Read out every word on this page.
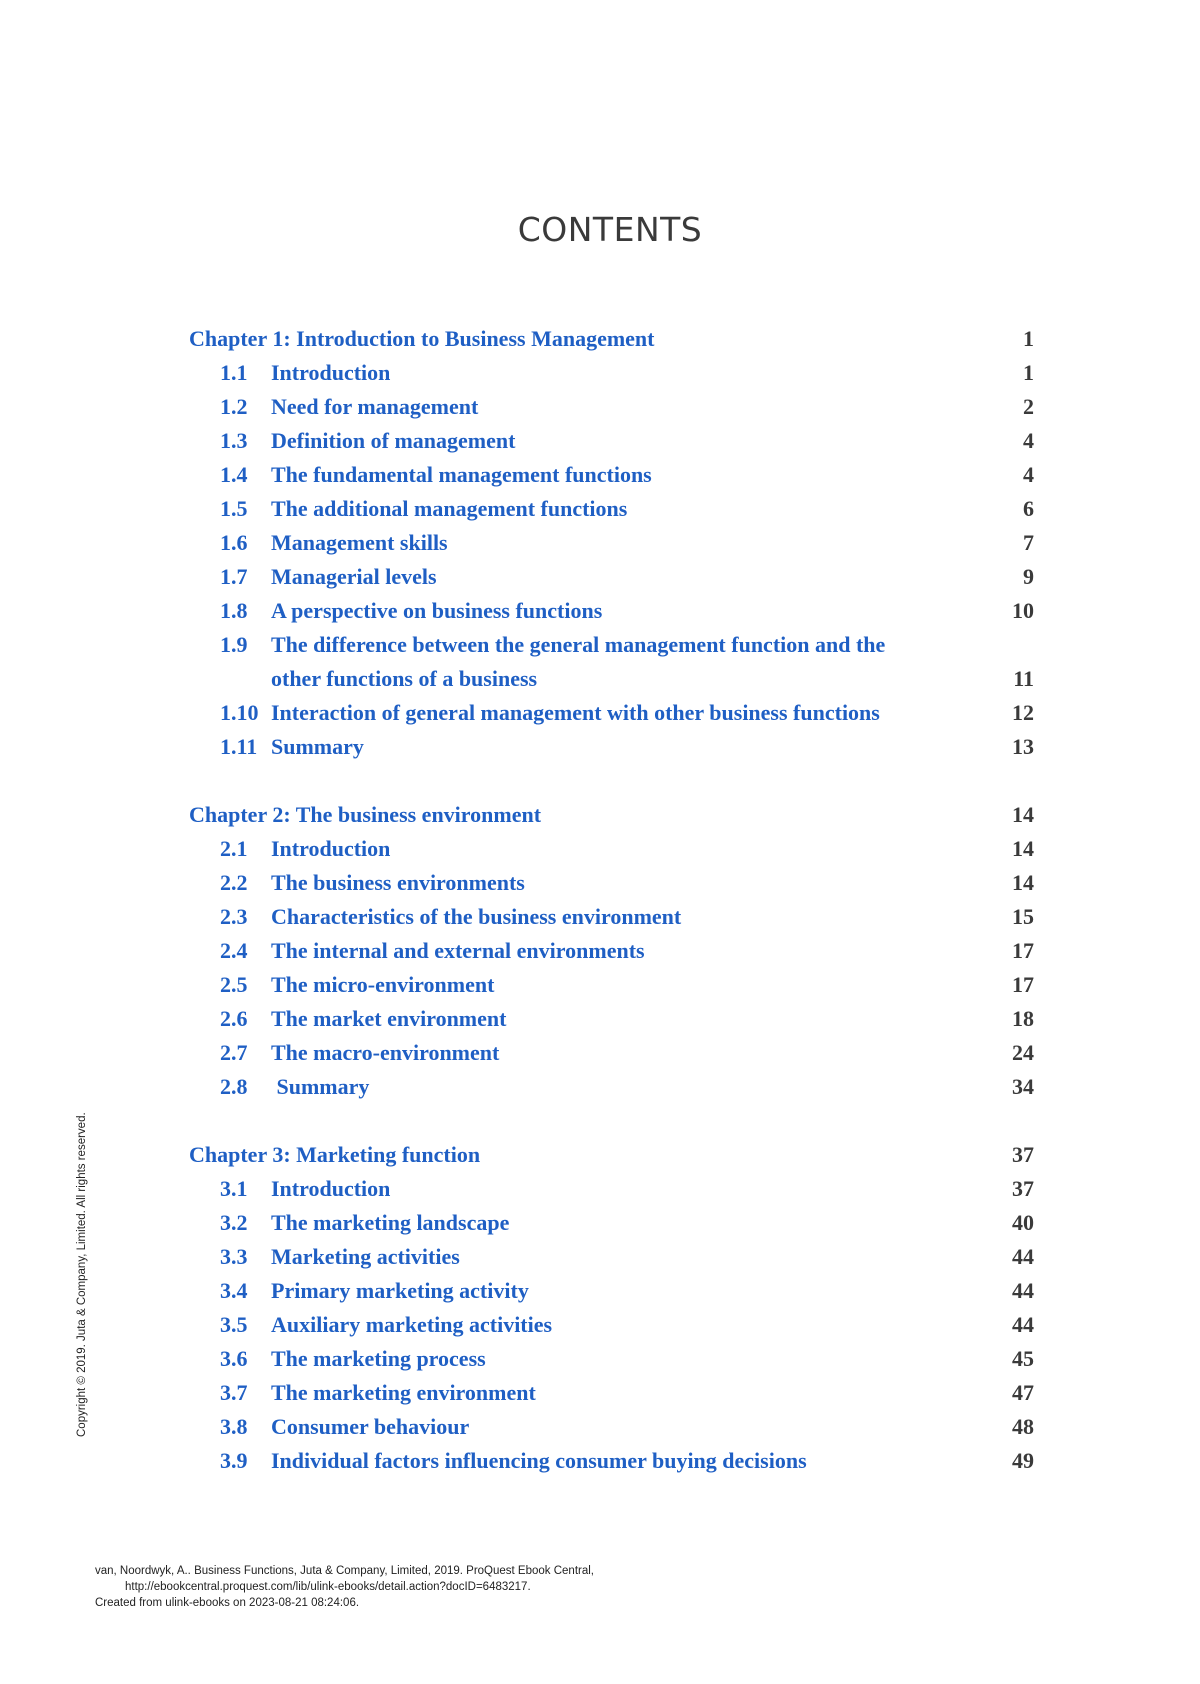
CONTENTS
Chapter 1: Introduction to Business Management	1
1.1	Introduction	1
1.2	Need for management	2
1.3	Definition of management	4
1.4	The fundamental management functions	4
1.5	The additional management functions	6
1.6	Management skills	7
1.7	Managerial levels	9
1.8	A perspective on business functions	10
1.9	The difference between the general management function and the other functions of a business	11
1.10 Interaction of general management with other business functions	12
1.11 Summary	13
Chapter 2: The business environment	14
2.1	Introduction	14
2.2	The business environments	14
2.3	Characteristics of the business environment	15
2.4	The internal and external environments	17
2.5	The micro-environment	17
2.6	The market environment	18
2.7	The macro-environment	24
2.8	Summary	34
Chapter 3: Marketing function	37
3.1	Introduction	37
3.2	The marketing landscape	40
3.3	Marketing activities	44
3.4	Primary marketing activity	44
3.5	Auxiliary marketing activities	44
3.6	The marketing process	45
3.7	The marketing environment	47
3.8	Consumer behaviour	48
3.9	Individual factors influencing consumer buying decisions	49
Copyright © 2019. Juta & Company, Limited. All rights reserved.
van, Noordwyk, A.. Business Functions, Juta & Company, Limited, 2019. ProQuest Ebook Central,
http://ebookcentral.proquest.com/lib/ulink-ebooks/detail.action?docID=6483217.
Created from ulink-ebooks on 2023-08-21 08:24:06.
